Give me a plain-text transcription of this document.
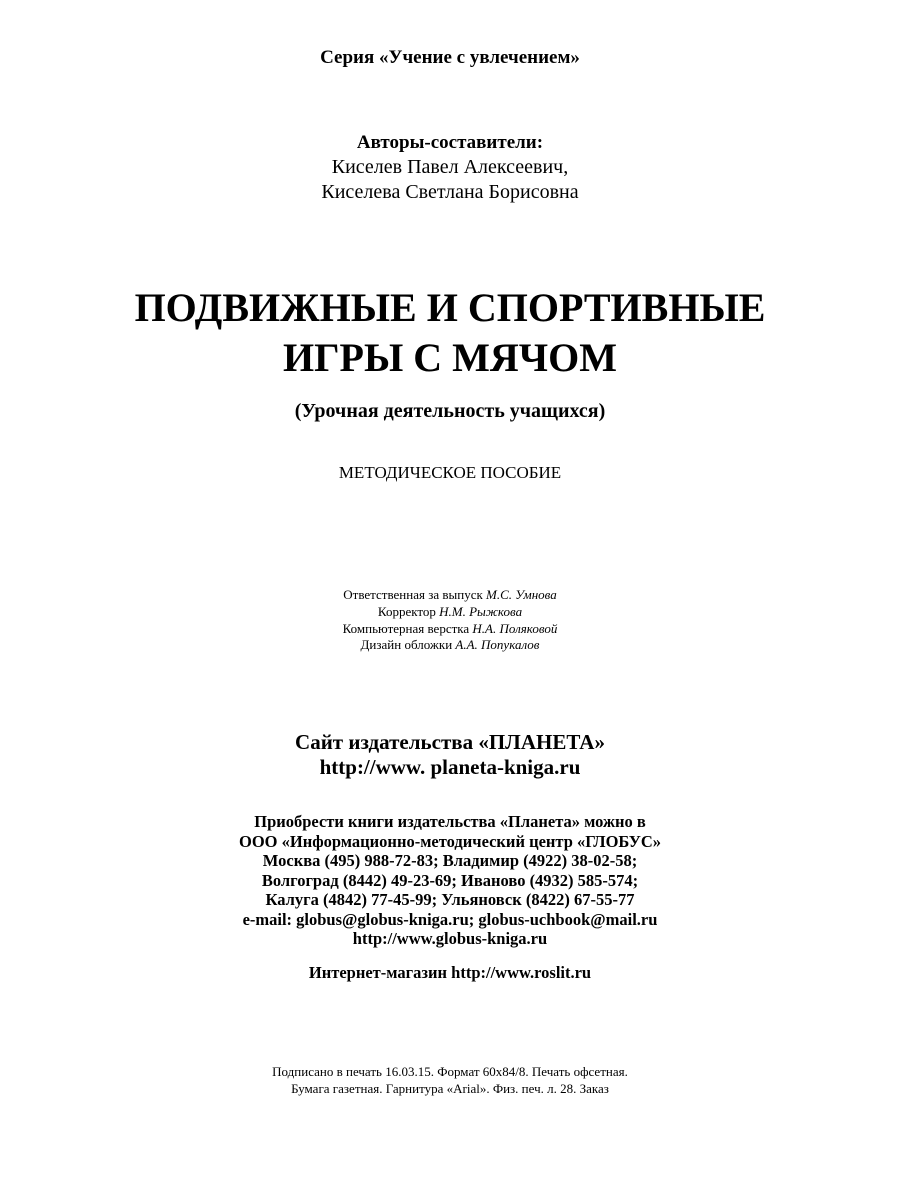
Серия «Учение с увлечением»
Авторы-составители:
Киселев Павел Алексеевич,
Киселева Светлана Борисовна
ПОДВИЖНЫЕ И СПОРТИВНЫЕ
ИГРЫ С МЯЧОМ
(Урочная деятельность учащихся)
МЕТОДИЧЕСКОЕ ПОСОБИЕ
Ответственная за выпуск М.С. Умнова
Корректор Н.М. Рыжкова
Компьютерная верстка Н.А. Поляковой
Дизайн обложки А.А. Попукалов
Сайт издательства «ПЛАНЕТА»
http://www. planeta-kniga.ru
Приобрести книги издательства «Планета» можно в
ООО «Информационно-методический центр «ГЛОБУС»
Москва (495) 988-72-83; Владимир (4922) 38-02-58;
Волгоград (8442) 49-23-69; Иваново (4932) 585-574;
Калуга (4842) 77-45-99; Ульяновск (8422) 67-55-77
e-mail: globus@globus-kniga.ru; globus-uchbook@mail.ru
http://www.globus-kniga.ru
Интернет-магазин http://www.roslit.ru
Подписано в печать 16.03.15. Формат 60x84/8. Печать офсетная.
Бумага газетная. Гарнитура «Arial». Физ. печ. л. 28. Заказ
